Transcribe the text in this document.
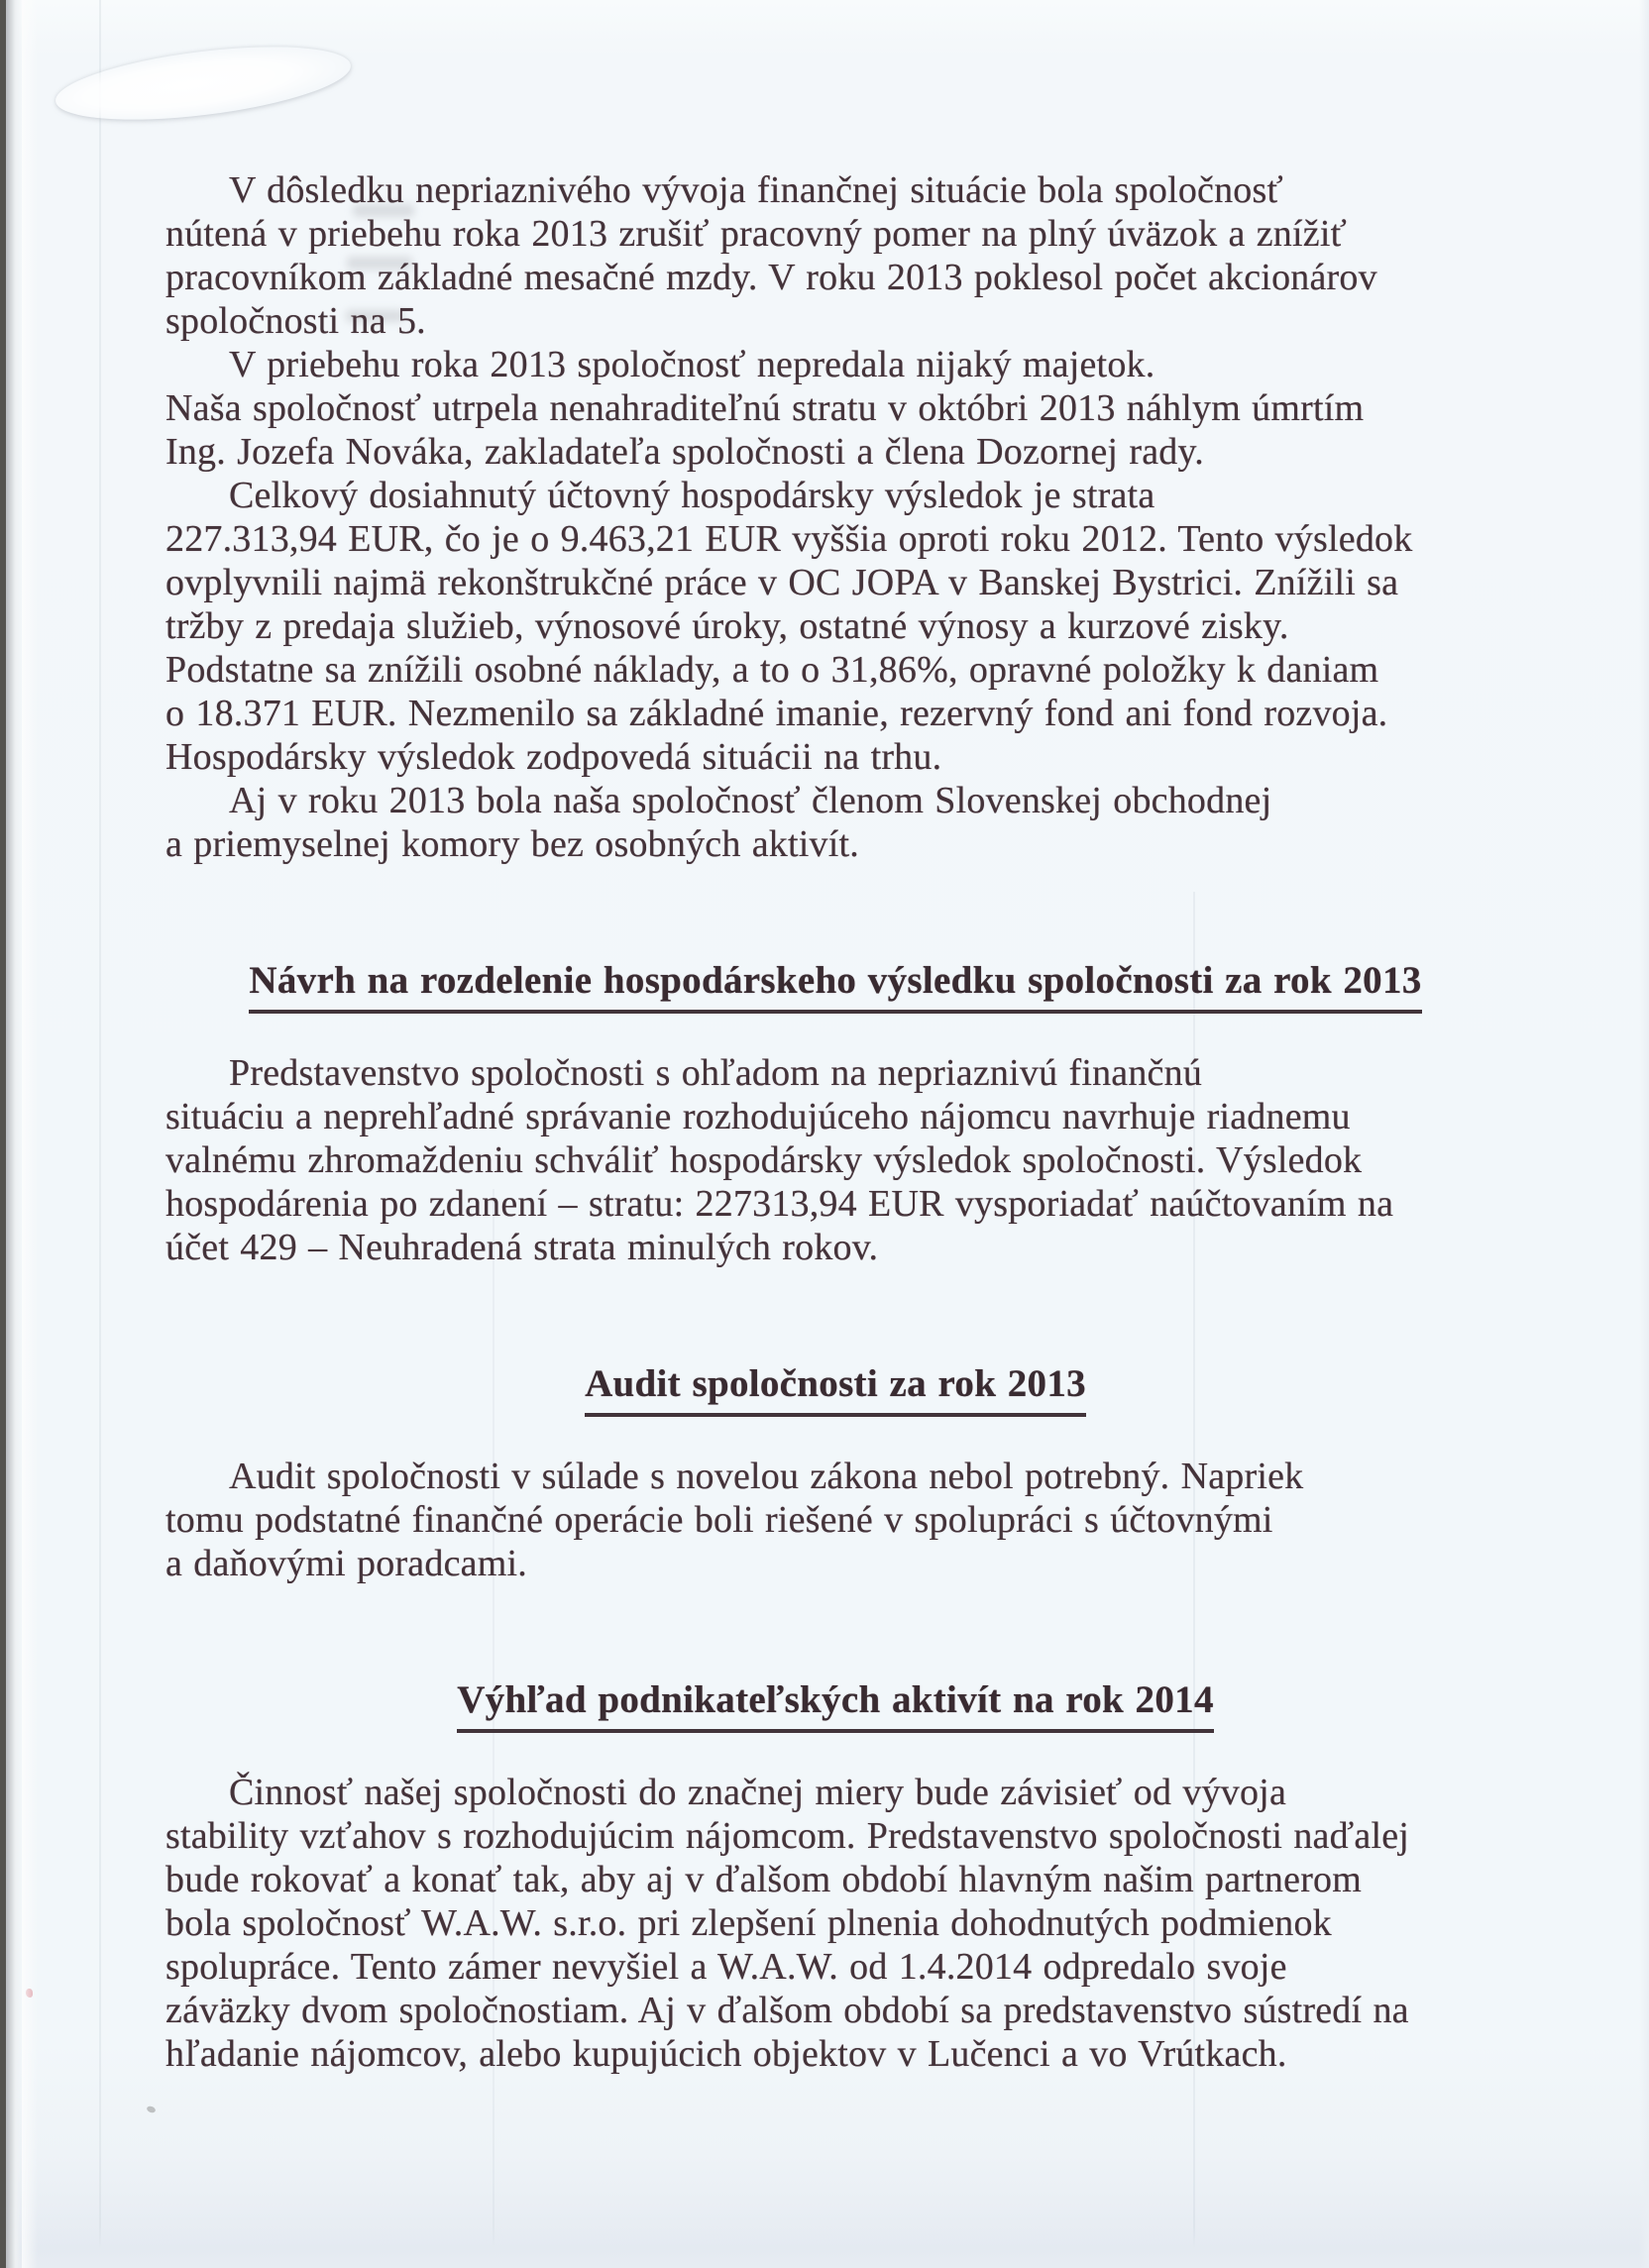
V dôsledku nepriaznivého vývoja finančnej situácie bola spoločnosť
nútená v priebehu roka 2013 zrušiť pracovný pomer na plný úväzok a znížiť
pracovníkom základné mesačné mzdy. V roku 2013 poklesol počet akcionárov
spoločnosti na 5.
V priebehu roka 2013 spoločnosť nepredala nijaký majetok.
Naša spoločnosť utrpela nenahraditeľnú stratu v októbri 2013 náhlym úmrtím
Ing. Jozefa Nováka, zakladateľa spoločnosti a člena Dozornej rady.
Celkový dosiahnutý účtovný hospodársky výsledok je strata
227.313,94 EUR, čo je o 9.463,21 EUR vyššia oproti roku 2012. Tento výsledok
ovplyvnili najmä rekonštrukčné práce v OC JOPA v Banskej Bystrici. Znížili sa
tržby z predaja služieb, výnosové úroky, ostatné výnosy a kurzové zisky.
Podstatne sa znížili osobné náklady, a to o 31,86%, opravné položky k daniam
o 18.371 EUR. Nezmenilo sa základné imanie, rezervný fond ani fond rozvoja.
Hospodársky výsledok zodpovedá situácii na trhu.
Aj v roku 2013 bola naša spoločnosť členom Slovenskej obchodnej
a priemyselnej komory bez osobných aktivít.
Návrh na rozdelenie hospodárskeho výsledku spoločnosti za rok 2013
Predstavenstvo spoločnosti s ohľadom na nepriaznivú finančnú
situáciu a neprehľadné správanie rozhodujúceho nájomcu navrhuje riadnemu
valnému zhromaždeniu schváliť hospodársky výsledok spoločnosti. Výsledok
hospodárenia po zdanení – stratu: 227313,94 EUR vysporiadať naúčtovaním na
účet 429 – Neuhradená strata minulých rokov.
Audit spoločnosti za rok 2013
Audit spoločnosti v súlade s novelou zákona nebol potrebný. Napriek
tomu podstatné finančné operácie boli riešené v spolupráci s účtovnými
a daňovými poradcami.
Výhľad podnikateľských aktivít na rok 2014
Činnosť našej spoločnosti do značnej miery bude závisieť od vývoja
stability vzťahov s rozhodujúcim nájomcom. Predstavenstvo spoločnosti naďalej
bude rokovať a konať tak, aby aj v ďalšom období hlavným našim partnerom
bola spoločnosť W.A.W. s.r.o. pri zlepšení plnenia dohodnutých podmienok
spolupráce. Tento zámer nevyšiel a W.A.W. od 1.4.2014 odpredalo svoje
záväzky dvom spoločnostiam. Aj v ďalšom období sa predstavenstvo sústredí na
hľadanie nájomcov, alebo kupujúcich objektov v Lučenci a vo Vrútkach.
